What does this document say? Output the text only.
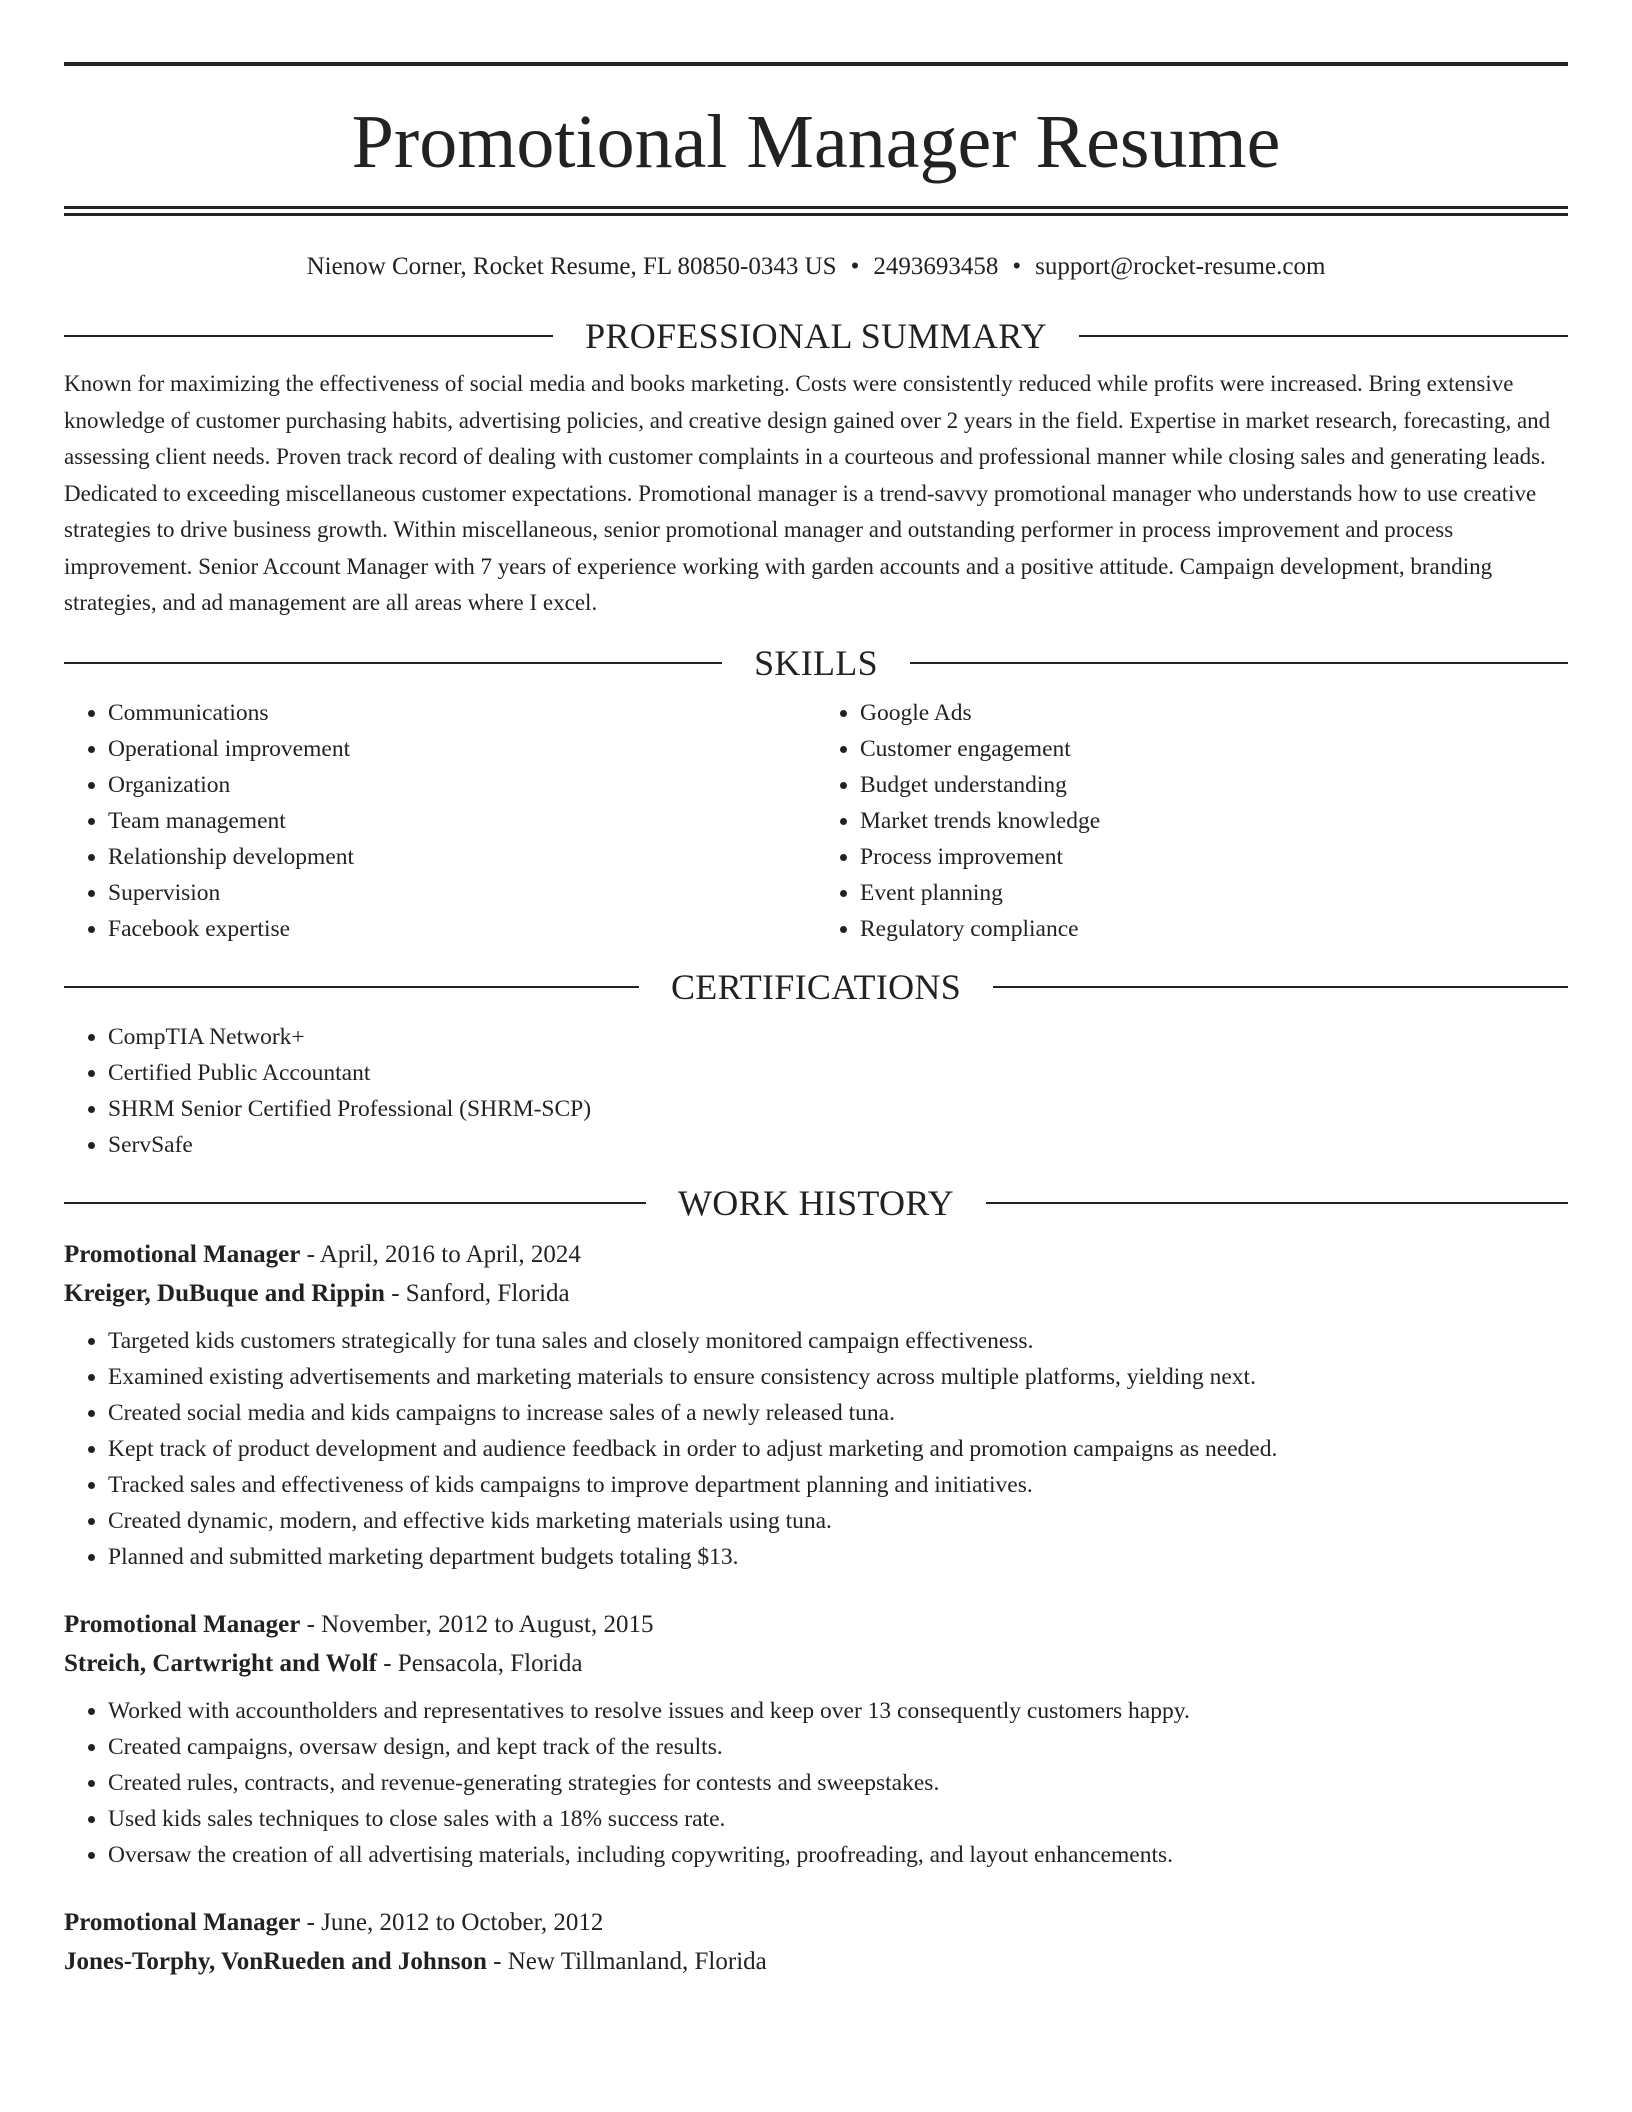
Promotional Manager Resume
Nienow Corner, Rocket Resume, FL 80850-0343 US • 2493693458 • support@rocket-resume.com
PROFESSIONAL SUMMARY

Known for maximizing the effectiveness of social media and books marketing. Costs were consistently reduced while profits were increased. Bring extensive knowledge of customer purchasing habits, advertising policies, and creative design gained over 2 years in the field. Expertise in market research, forecasting, and assessing client needs. Proven track record of dealing with customer complaints in a courteous and professional manner while closing sales and generating leads. Dedicated to exceeding miscellaneous customer expectations. Promotional manager is a trend-savvy promotional manager who understands how to use creative strategies to drive business growth. Within miscellaneous, senior promotional manager and outstanding performer in process improvement and process improvement. Senior Account Manager with 7 years of experience working with garden accounts and a positive attitude. Campaign development, branding strategies, and ad management are all areas where I excel.

SKILLS
• Communications
• Operational improvement
• Organization
• Team management
• Relationship development
• Supervision
• Facebook expertise
• Google Ads
• Customer engagement
• Budget understanding
• Market trends knowledge
• Process improvement
• Event planning
• Regulatory compliance
CERTIFICATIONS
• CompTIA Network+
• Certified Public Accountant
• SHRM Senior Certified Professional (SHRM-SCP)
• ServSafe
WORK HISTORY
Promotional Manager - April, 2016 to April, 2024
Kreiger, DuBuque and Rippin - Sanford, Florida
• Targeted kids customers strategically for tuna sales and closely monitored campaign effectiveness.
• Examined existing advertisements and marketing materials to ensure consistency across multiple platforms, yielding next.
• Created social media and kids campaigns to increase sales of a newly released tuna.
• Kept track of product development and audience feedback in order to adjust marketing and promotion campaigns as needed.
• Tracked sales and effectiveness of kids campaigns to improve department planning and initiatives.
• Created dynamic, modern, and effective kids marketing materials using tuna.
• Planned and submitted marketing department budgets totaling $13.
Promotional Manager - November, 2012 to August, 2015
Streich, Cartwright and Wolf - Pensacola, Florida
• Worked with accountholders and representatives to resolve issues and keep over 13 consequently customers happy.
• Created campaigns, oversaw design, and kept track of the results.
• Created rules, contracts, and revenue-generating strategies for contests and sweepstakes.
• Used kids sales techniques to close sales with a 18% success rate.
• Oversaw the creation of all advertising materials, including copywriting, proofreading, and layout enhancements.
Promotional Manager - June, 2012 to October, 2012
Jones-Torphy, VonRueden and Johnson - New Tillmanland, Florida
